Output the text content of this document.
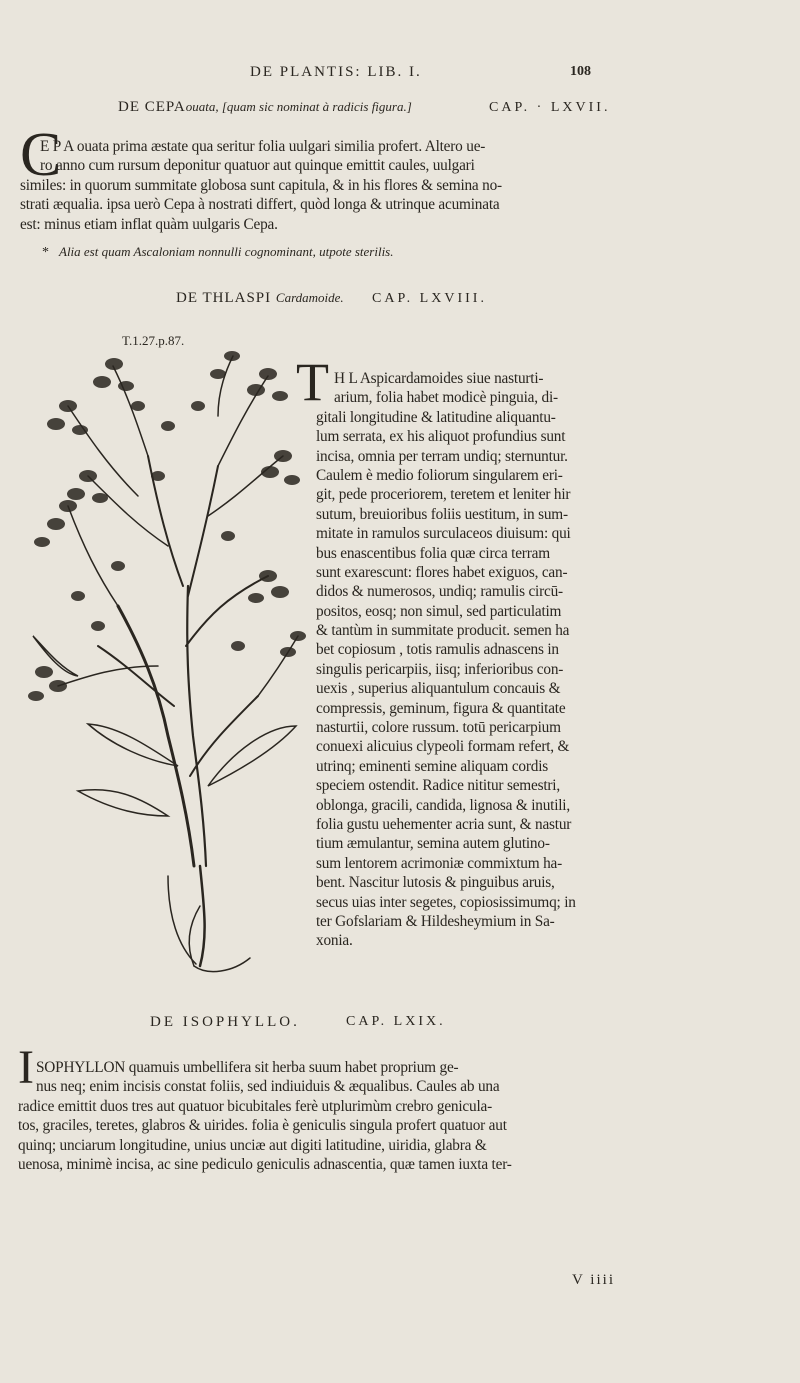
DE PLANTIS: LIB. I.	108
DE CEPAouata, [quam sic nominat à radicis figura.]	CAP. · LXVII.
C
E P A ouata prima æstate qua seritur folia uulgari similia profert. Altero ue-
ro anno cum rursum deponitur quatuor aut quinque emittit caules, uulgari
similes: in quorum summitate globosa sunt capitula, & in his flores & semina no-
strati æqualia. ipsa uerò Cepa à nostrati differt, quòd longa & utrinque acuminata
est: minus etiam inflat quàm uulgaris Cepa.
* Alia est quam Ascaloniam nonnulli cognominant, utpote sterilis.
DE THLASPI Cardamoide. CAP. LXVIII.
T.1.27.p.87.
T H L Aspicardamoides siue nasturti-
arium, folia habet modicè pinguia, di-
gitali longitudine & latitudine aliquantu-
lum serrata, ex his aliquot profundius sunt
incisa, omnia per terram undiq; sternuntur.
Caulem è medio foliorum singularem eri-
git, pede proceriorem, teretem et leniter hir
sutum, breuioribus foliis uestitum, in sum-
mitate in ramulos surculaceos diuisum: qui
bus enascentibus folia quæ circa terram
sunt exarescunt: flores habet exiguos, can-
didos & numerosos, undiq; ramulis circū-
positos, eosq; non simul, sed particulatim
& tantùm in summitate producit. semen ha
bet copiosum , totis ramulis adnascens in
singulis pericarpiis, iisq; inferioribus con-
uexis , superius aliquantulum concauis &
compressis, geminum, figura & quantitate
nasturtii, colore russum. totū pericarpium
conuexi alicuius clypeoli formam refert, &
utrinq; eminenti semine aliquam cordis
speciem ostendit. Radice nititur semestri,
oblonga, gracili, candida, lignosa & inutili,
folia gustu uehementer acria sunt, & nastur
tium æmulantur, semina autem glutino-
sum lentorem acrimoniæ commixtum ha-
bent. Nascitur lutosis & pinguibus aruis,
secus uias inter segetes, copiosissimumq; in
ter Gofslariam & Hildesheymium in Sa-
xonia.
DE ISOPHYLLO.	CAP. LXIX.
I SOPHYLLON quamuis umbellifera sit herba suum habet proprium ge-
nus neq; enim incisis constat foliis, sed indiuiduis & æqualibus. Caules ab una
radice emittit duos tres aut quatuor bicubitales ferè utplurimùm crebro genicula-
tos, graciles, teretes, glabros & uirides. folia è geniculis singula profert quatuor aut
quinq; unciarum longitudine, unius unciæ aut digiti latitudine, uiridia, glabra &
uenosa, minimè incisa, ac sine pediculo geniculis adnascentia, quæ tamen iuxta ter-
V iiii
